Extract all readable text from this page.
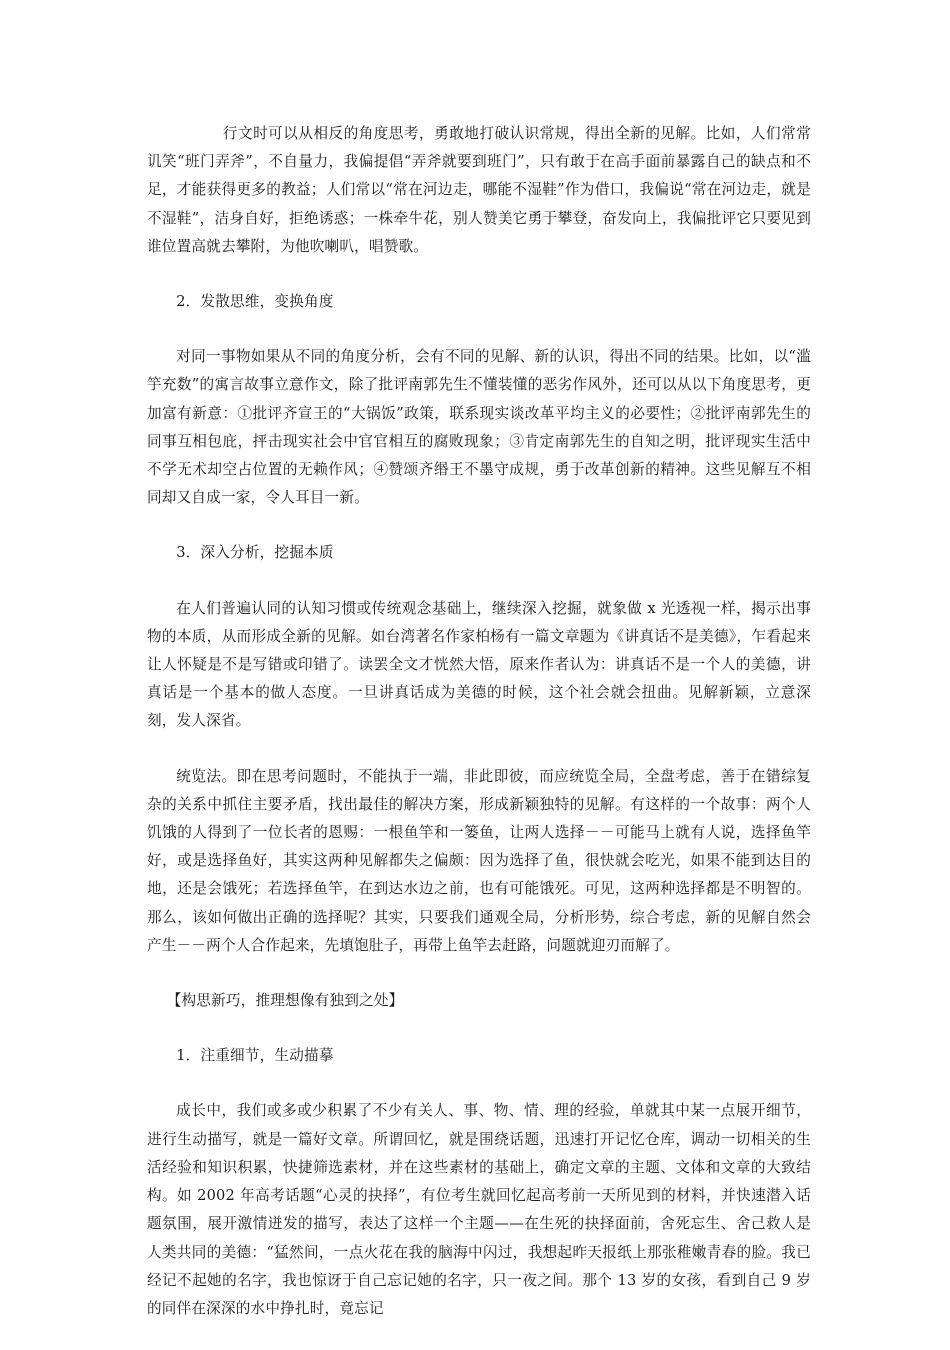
行文时可以从相反的角度思考，勇敢地打破认识常规，得出全新的见解。比如，人们常常讥笑“班门弄斧”，不自量力，我偏提倡“弄斧就要到班门”，只有敢于在高手面前暴露自己的缺点和不足，才能获得更多的教益；人们常以“常在河边走，哪能不湿鞋”作为借口，我偏说“常在河边走，就是不湿鞋”，洁身自好，拒绝诱惑；一株牵牛花，别人赞美它勇于攀登，奋发向上，我偏批评它只要见到谁位置高就去攀附，为他吹喇叭，唱赞歌。

2．发散思维，变换角度

对同一事物如果从不同的角度分析，会有不同的见解、新的认识，得出不同的结果。比如，以“滥竽充数”的寓言故事立意作文，除了批评南郭先生不懂装懂的恶劣作风外，还可以从以下角度思考，更加富有新意：①批评齐宣王的“大锅饭”政策，联系现实谈改革平均主义的必要性；②批评南郭先生的同事互相包庇，抨击现实社会中官官相互的腐败现象；③肯定南郭先生的自知之明，批评现实生活中不学无术却空占位置的无赖作风；④赞颂齐缗王不墨守成规，勇于改革创新的精神。这些见解互不相同却又自成一家，令人耳目一新。

3．深入分析，挖掘本质

在人们普遍认同的认知习惯或传统观念基础上，继续深入挖掘，就象做 x 光透视一样，揭示出事物的本质，从而形成全新的见解。如台湾著名作家柏杨有一篇文章题为《讲真话不是美德》，乍看起来让人怀疑是不是写错或印错了。读罢全文才恍然大悟，原来作者认为：讲真话不是一个人的美德，讲真话是一个基本的做人态度。一旦讲真话成为美德的时候，这个社会就会扭曲。见解新颖，立意深刻，发人深省。

统览法。即在思考问题时，不能执于一端，非此即彼，而应统览全局，全盘考虑，善于在错综复杂的关系中抓住主要矛盾，找出最佳的解决方案，形成新颖独特的见解。有这样的一个故事：两个人饥饿的人得到了一位长者的恩赐：一根鱼竿和一篓鱼，让两人选择－－可能马上就有人说，选择鱼竿好，或是选择鱼好，其实这两种见解都失之偏颇：因为选择了鱼，很快就会吃光，如果不能到达目的地，还是会饿死；若选择鱼竿，在到达水边之前，也有可能饿死。可见，这两种选择都是不明智的。那么，该如何做出正确的选择呢？其实，只要我们通观全局，分析形势，综合考虑，新的见解自然会产生－－两个人合作起来，先填饱肚子，再带上鱼竿去赶路，问题就迎刃而解了。

【构思新巧，推理想像有独到之处】

1．注重细节，生动描摹

成长中，我们或多或少积累了不少有关人、事、物、情、理的经验，单就其中某一点展开细节，进行生动描写，就是一篇好文章。所谓回忆，就是围绕话题，迅速打开记忆仓库，调动一切相关的生活经验和知识积累，快捷筛选素材，并在这些素材的基础上，确定文章的主题、文体和文章的大致结构。如 2002 年高考话题“心灵的抉择”，有位考生就回忆起高考前一天所见到的材料，并快速潜入话题氛围，展开激情迸发的描写，表达了这样一个主题——在生死的抉择面前，舍死忘生、舍己救人是人类共同的美德：“猛然间，一点火花在我的脑海中闪过，我想起昨天报纸上那张稚嫩青春的脸。我已经记不起她的名字，我也惊讶于自己忘记她的名字，只一夜之间。那个 13 岁的女孩，看到自己 9 岁的同伴在深深的水中挣扎时，竟忘记
